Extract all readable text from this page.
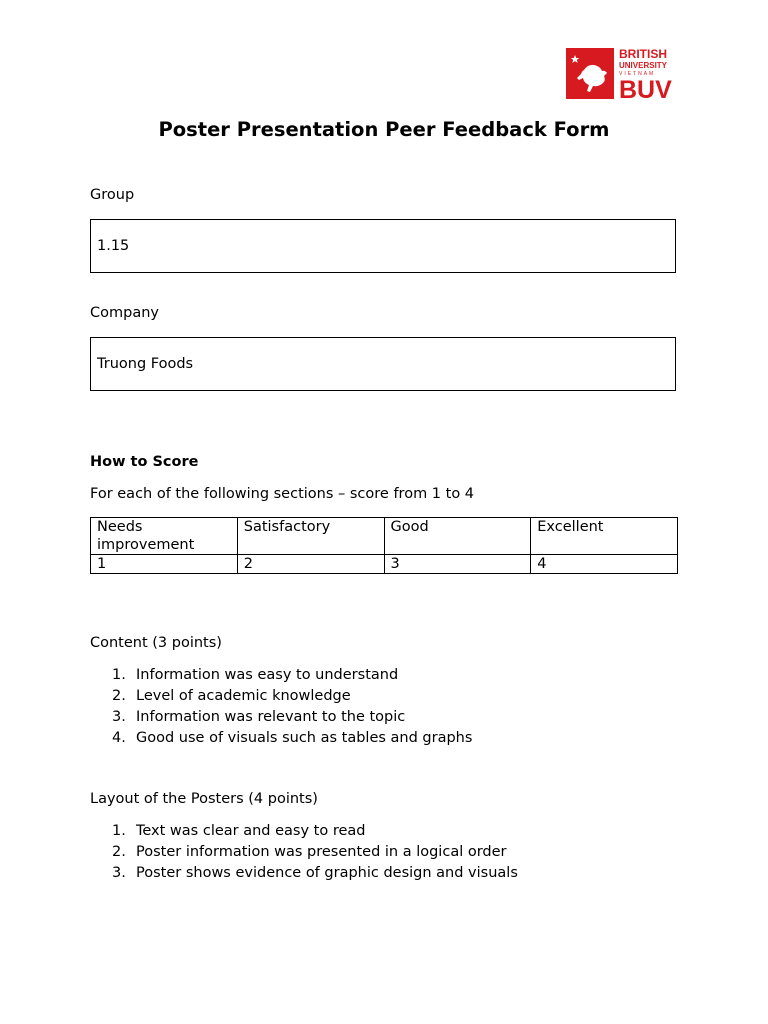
BRITISH
UNIVERSITY
VIETNAM
BUV
Poster Presentation Peer Feedback Form
Group
1.15
Company
Truong Foods
How to Score
For each of the following sections – score from 1 to 4
Needs improvement	Satisfactory	Good	Excellent
1	2	3	4
Content (3 points)
1. Information was easy to understand
2. Level of academic knowledge
3. Information was relevant to the topic
4. Good use of visuals such as tables and graphs
Layout of the Posters (4 points)
1. Text was clear and easy to read
2. Poster information was presented in a logical order
3. Poster shows evidence of graphic design and visuals
